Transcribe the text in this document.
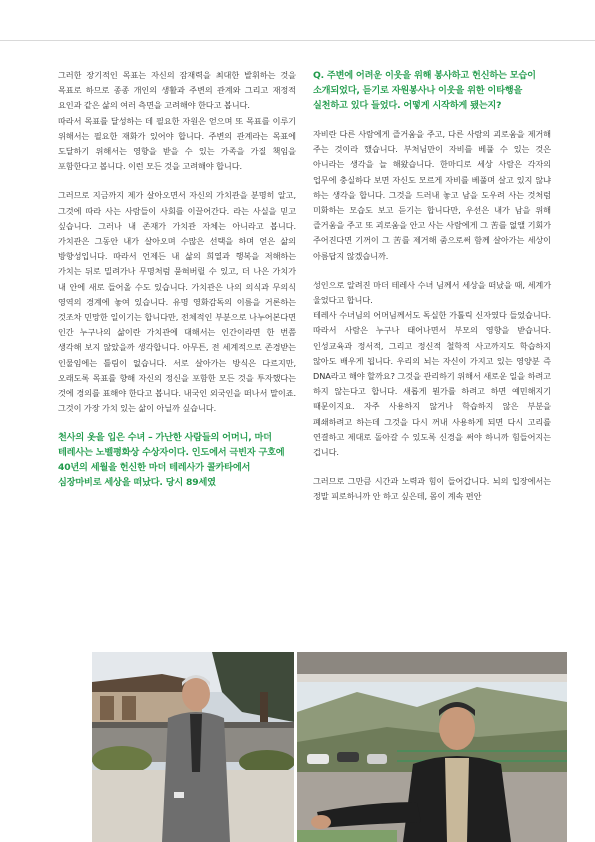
그러한 장기적인 목표는 자신의 잠재력을 최대한 발휘하는 것을 목표로 하므로 종종 개인의 생활과 주변의 관계와 그리고 재정적 요인과 같은 삶의 여러 측면을 고려해야 한다고 봅니다.

따라서 목표를 달성하는 데 필요한 자원은 얻으며 또 목표를 이루기 위해서는 필요한 재화가 있어야 합니다. 주변의 관계라는 목표에 도달하기 위해서는 영향을 받을 수 있는 가족을 가질 책임을 포함한다고 봅니다. 이런 모든 것을 고려해야 합니다.

그러므로 지금까지 제가 살아오면서 자신의 가치관을 분명히 알고, 그것에 따라 사는 사람들이 사회를 이끌어간다. 라는 사실을 믿고 싶습니다. 그러나 내 존재가 가치관 자체는 아니라고 봅니다. 가치관은 그동안 내가 살아오며 수많은 선택을 하며 얻은 삶의 방향성입니다. 따라서 언제든 내 삶의 희열과 행복을 저해하는 가치는 뒤로 밀려가나 무명처럼 묻혀버릴 수 있고, 더 나은 가치가 내 안에 새로 들어올 수도 있습니다. 가치관은 나의 의식과 무의식 영역의 경계에 놓여 있습니다. 유명 영화감독의 이름을 거론하는 것조차 민망한 일이기는 합니다만, 전체적인 부분으로 나누어본다면 인간 누구나의 삶이란 가치관에 대해서는 인간이라면 한 번쯤 생각해 보지 않았을까 생각합니다. 아무튼, 전 세계적으로 존경받는 인물임에는 틀림이 없습니다. 서로 살아가는 방식은 다르지만, 오래도록 목표를 향해 자신의 정신을 포함한 모든 것을 투자했다는 것에 경의를 표해야 한다고 봅니다. 내국인 외국인을 떠나서 말이죠. 그것이 가장 가치 있는 삶이 아닐까 싶습니다.

천사의 옷을 입은 수녀 – 가난한 사람들의 어머니, 마더 테레사는 노벨평화상 수상자이다. 인도에서 극빈자 구호에 40년의 세월을 헌신한 마더 테레사가 콜카타에서 심장마비로 세상을 떠났다. 당시 89세였

Q. 주변에 어려운 이웃을 위해 봉사하고 헌신하는 모습이 소개되었다, 듣기로 자원봉사나 이웃을 위한 이타행을 실천하고 있다 들었다. 어떻게 시작하게 됐는지?

자비란 다른 사람에게 즐거움을 주고, 다른 사람의 괴로움을 제거해 주는 것이라 했습니다. 부처님만이 자비를 베풀 수 있는 것은 아니라는 생각을 늘 해왔습니다. 한마디로 세상 사람은 각자의 업무에 충실하다 보면 자신도 모르게 자비를 베풀며 살고 있지 않냐 하는 생각을 합니다. 그것을 드러내 놓고 남을 도우려 사는 것처럼 미화하는 모습도 보고 듣기는 합니다만, 우선은 내가 남을 위해 즐거움을 주고 또 괴로움을 안고 사는 사람에게 그 苦를 없앨 기회가 주어진다면 기꺼이 그 苦를 제거해 줌으로써 함께 살아가는 세상이 아름답지 않겠습니까.

성인으로 알려진 마더 테레사 수녀 님께서 세상을 떠났을 때, 세계가 울었다고 합니다.

테레사 수녀님의 어머님께서도 독실한 가톨릭 신자였다 들었습니다. 따라서 사람은 누구나 태어나면서 부모의 영향을 받습니다. 인성교육과 정서적, 그리고 정신적 철학적 사고까지도 학습하지 않아도 배우게 됩니다. 우리의 뇌는 자신이 가지고 있는 영양분 즉 DNA라고 해야 할까요? 그것을 관리하기 위해서 새로운 일을 하려고 하지 않는다고 합니다. 새롭게 뭔가를 하려고 하면 예민해지기 때문이지요. 자주 사용하지 않거나 학습하지 않은 부분을 폐쇄하려고 하는데 그것을 다시 꺼내 사용하게 되면 다시 고리를 연결하고 제대로 돌아갈 수 있도록 신경을 써야 하니까 힘들어지는 겁니다.

그러므로 그만큼 시간과 노력과 힘이 들어갑니다. 뇌의 입장에서는 정말 피로하니까 안 하고 싶은데, 몸이 계속 편안
